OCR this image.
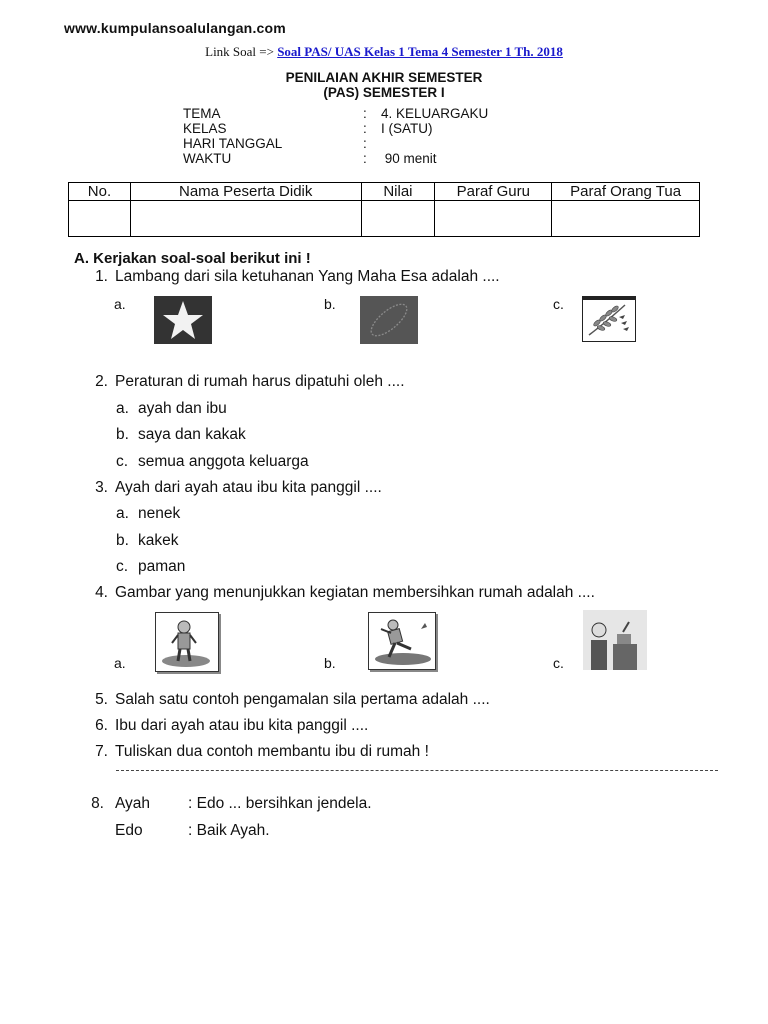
www.kumpulansoalulangan.com
Link Soal => Soal PAS/ UAS Kelas 1 Tema 4 Semester 1 Th. 2018
PENILAIAN AKHIR SEMESTER
(PAS) SEMESTER I
TEMA	:	4. KELUARGAKU
KELAS	:	I (SATU)
HARI TANGGAL	:
WAKTU	:	90 menit
No.	Nama Peserta Didik	Nilai	Paraf Guru	Paraf Orang Tua

A. Kerjakan soal-soal berikut ini !
1. Lambang dari sila ketuhanan Yang Maha Esa adalah ....
a.	b.	c.
2. Peraturan di rumah harus dipatuhi oleh ....
a. ayah dan ibu
b. saya dan kakak
c. semua anggota keluarga
3. Ayah dari ayah atau ibu kita panggil ....
a. nenek
b. kakek
c. paman
4. Gambar yang menunjukkan kegiatan membersihkan rumah adalah ....
a.	b.	c.
5. Salah satu contoh pengamalan sila pertama adalah ....
6. Ibu dari ayah atau ibu kita panggil ....
7. Tuliskan dua contoh membantu ibu di rumah !
8. Ayah : Edo ... bersihkan jendela.
Edo	: Baik Ayah.
